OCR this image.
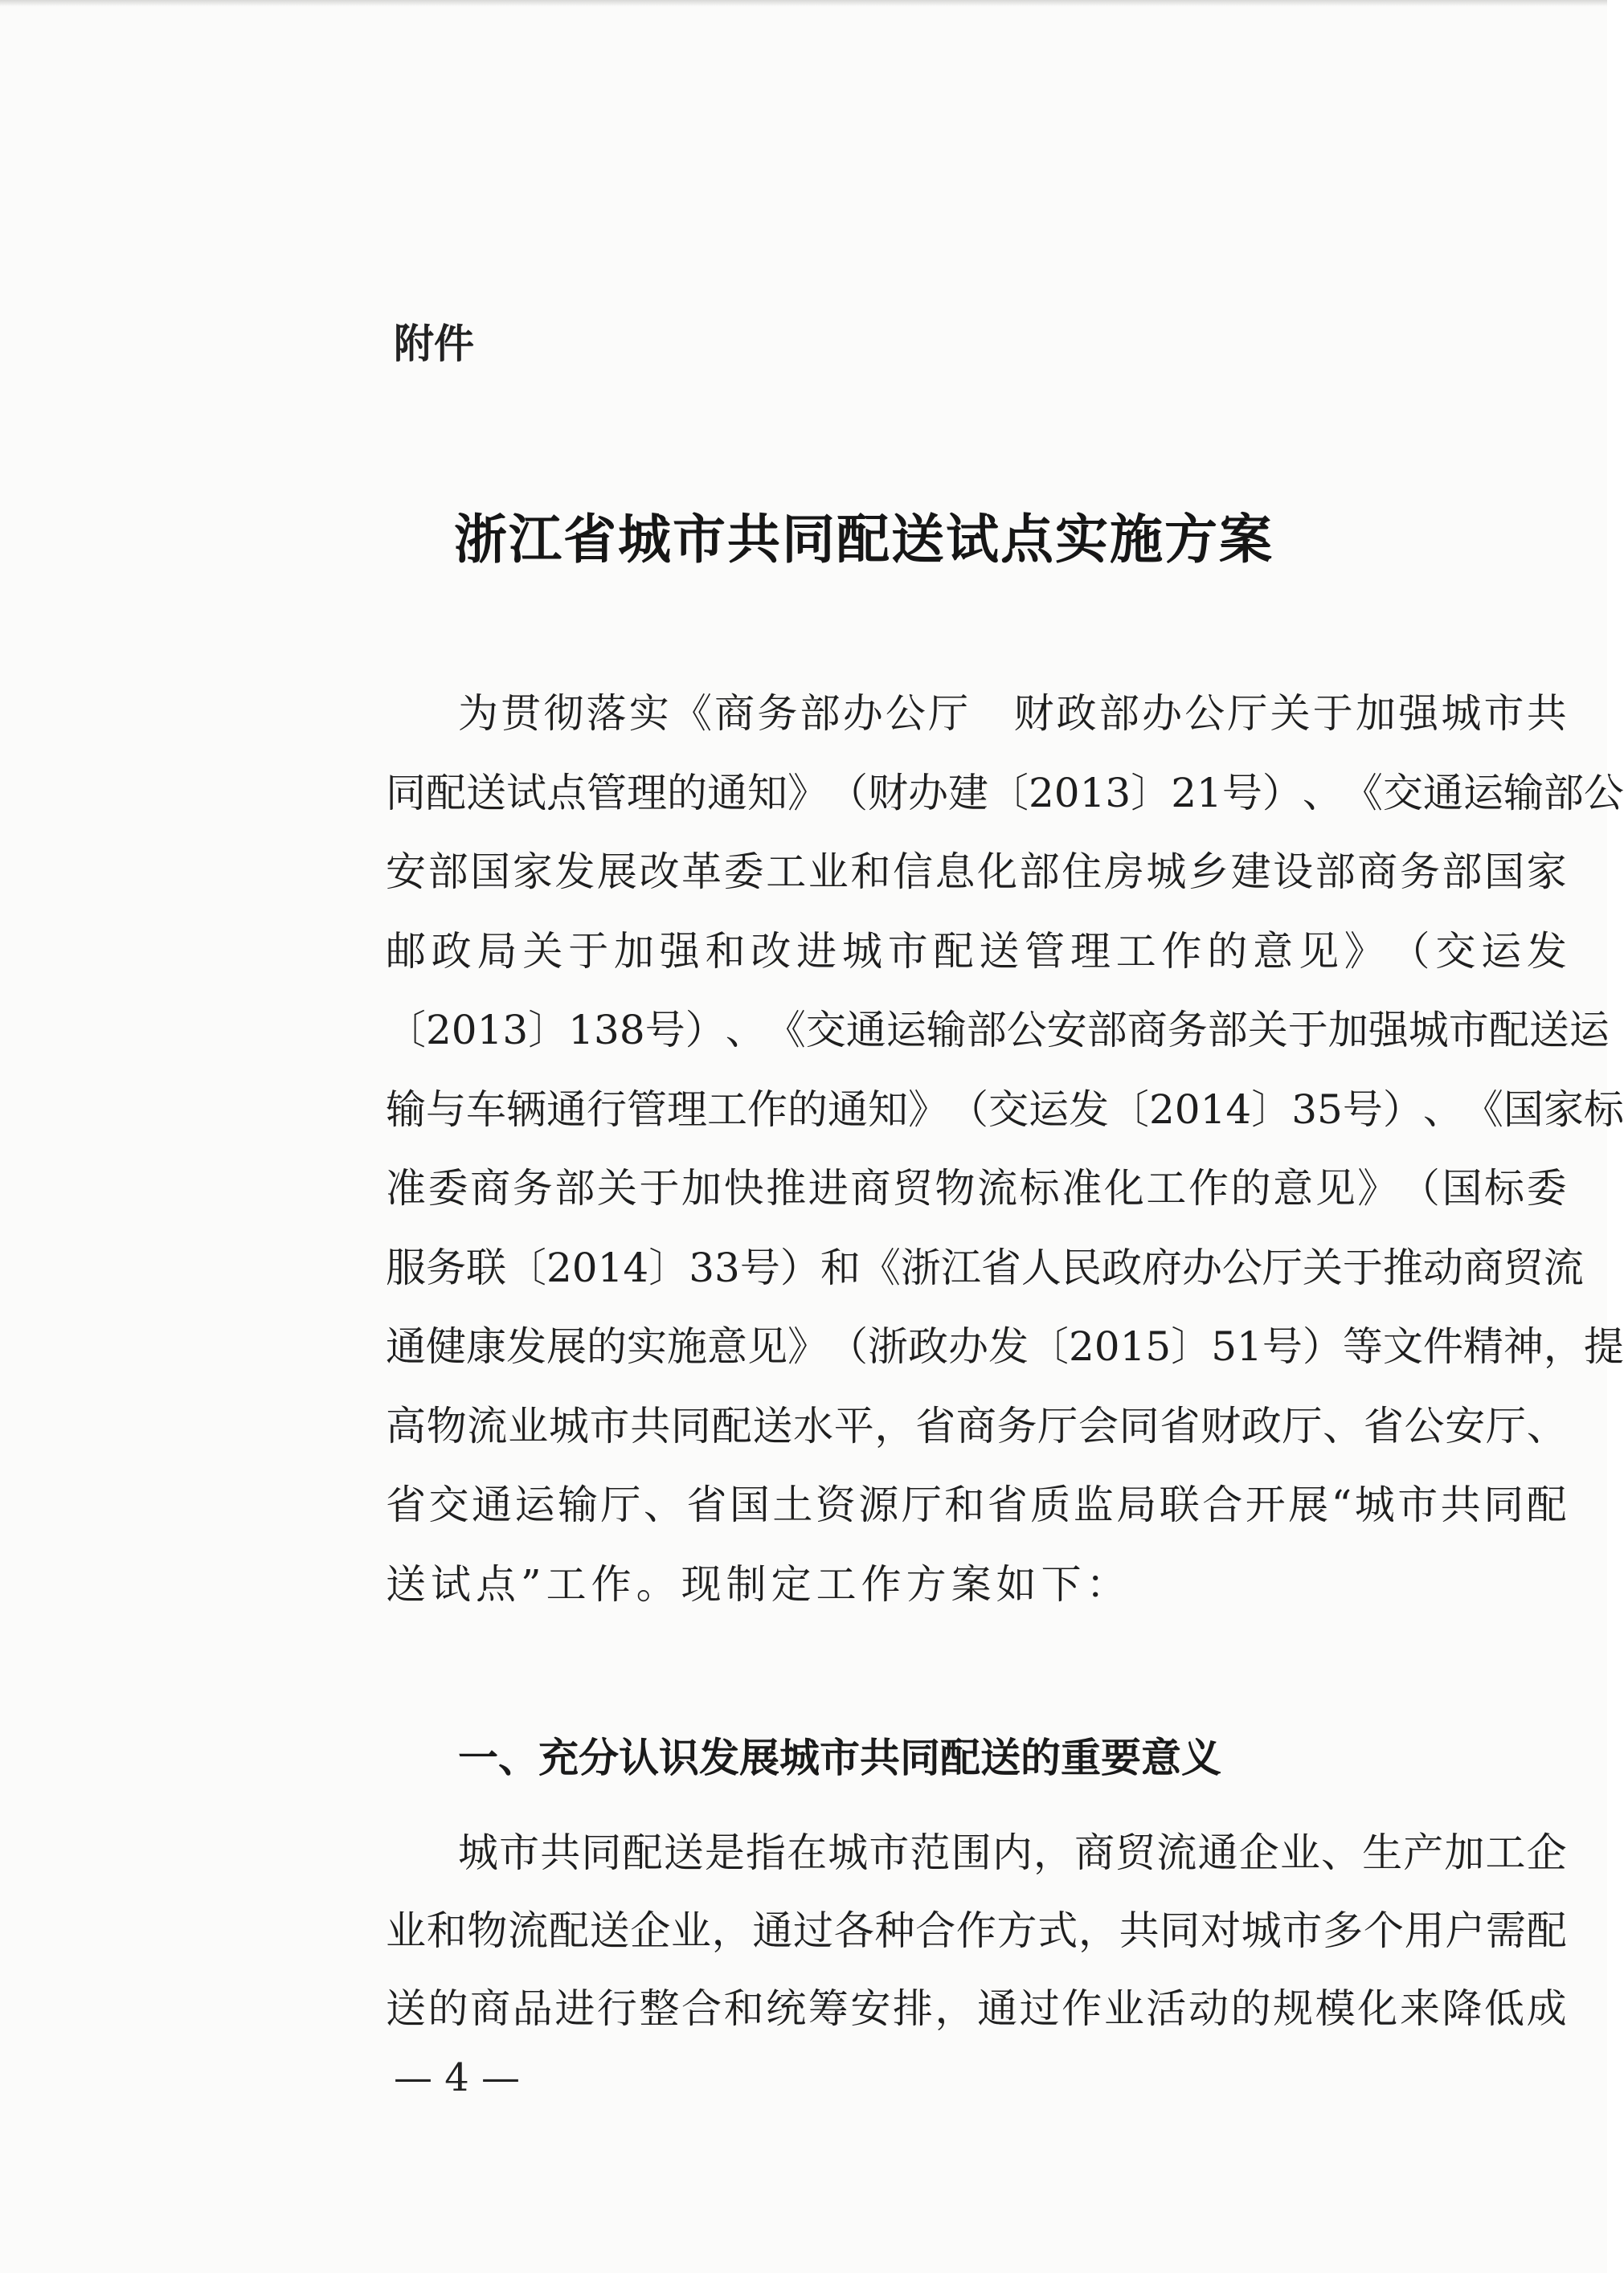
附件
浙江省城市共同配送试点实施方案
为 贯 彻 落 实 《 商 务 部 办 公 厅
　 财 政 部 办 公 厅 关 于 加 强 城 市 共
同 配 送 试 点 管 理 的 通 知 》 （ 财 办 建 〔 2013 〕 21 号 ） 、 《 交 通 运 输 部 公
安 部 国 家 发 展 改 革 委 工 业 和 信 息 化 部 住 房 城 乡 建 设 部 商 务 部 国 家
邮 政 局 关 于 加 强 和 改 进 城 市 配 送 管 理 工 作 的 意 见 》 （ 交 运 发
〔 2013 〕 138 号 ） 、 《 交 通 运 输 部 公 安 部 商 务 部 关 于 加 强 城 市 配 送 运
输 与 车 辆 通 行 管 理 工 作 的 通 知 》 （ 交 运 发 〔 2014 〕 35 号 ） 、 《 国 家 标
准 委 商 务 部 关 于 加 快 推 进 商 贸 物 流 标 准 化 工 作 的 意 见 》 （ 国 标 委
服 务 联 〔 2014 〕 33 号 ） 和 《 浙 江 省 人 民 政 府 办 公 厅 关 于 推 动 商 贸 流
通 健 康 发 展 的 实 施 意 见 》 （ 浙 政 办 发 〔 2015 〕 51 号 ） 等 文 件 精 神 ， 提
高 物 流 业 城 市 共 同 配 送 水 平 ， 省 商 务 厅 会 同 省 财 政 厅 、 省 公 安 厅 、
省 交 通 运 输 厅 、 省 国 土 资 源 厅 和 省 质 监 局 联 合 开 展 “ 城 市 共 同 配
送 试 点 ” 工 作 。 现 制 定 工 作 方 案 如 下 ：
一、充分认识发展城市共同配送的重要意义
城 市 共 同 配 送 是 指 在 城 市 范 围 内 ， 商 贸 流 通 企 业 、 生 产 加 工 企
业 和 物 流 配 送 企 业 ， 通 过 各 种 合 作 方 式 ， 共 同 对 城 市 多 个 用 户 需 配
送 的 商 品 进 行 整 合 和 统 筹 安 排 ， 通 过 作 业 活 动 的 规 模 化 来 降 低 成
— 4 —
